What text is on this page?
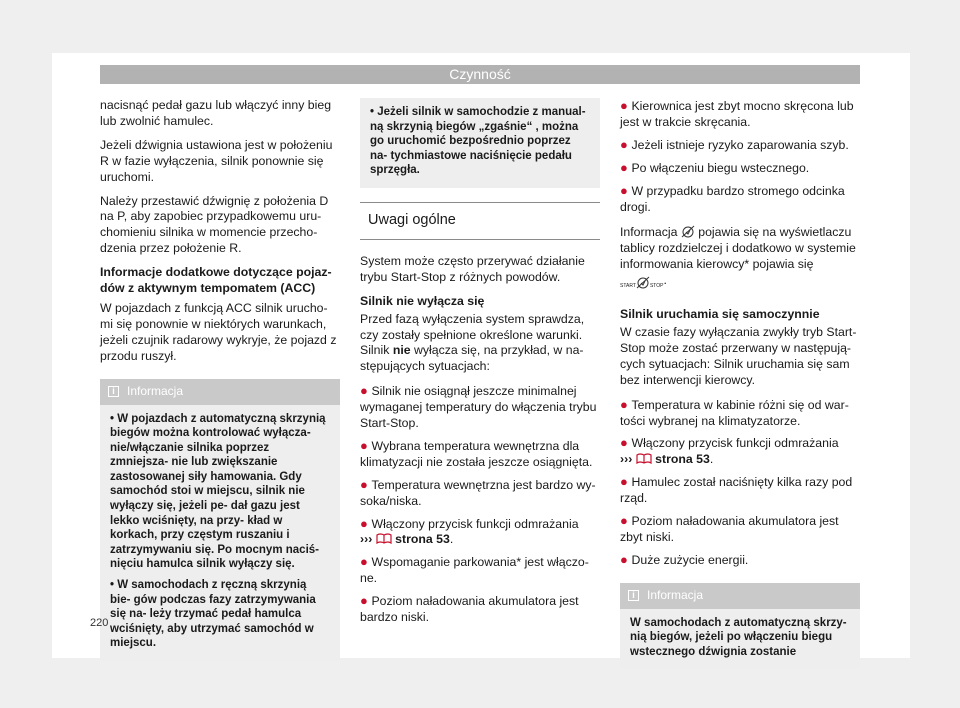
Czynność

nacisnąć pedał gazu lub włączyć inny bieg lub zwolnić hamulec.

Jeżeli dźwignia ustawiona jest w położeniu R w fazie wyłączenia, silnik ponownie się uruchomi.

Należy przestawić dźwignię z położenia D na P, aby zapobiec przypadkowemu uru- chomieniu silnika w momencie przecho- dzenia przez położenie R.

Informacje dodatkowe dotyczące pojaz- dów z aktywnym tempomatem (ACC)

W pojazdach z funkcją ACC silnik urucho- mi się ponownie w niektórych warunkach, jeżeli czujnik radarowy wykryje, że pojazd z przodu ruszył.

i	Informacja

• W pojazdach z automatyczną skrzynią biegów można kontrolować wyłącza- nie/włączanie silnika poprzez zmniejsza- nie lub zwiększanie zastosowanej siły hamowania. Gdy samochód stoi w miejscu, silnik nie wyłączy się, jeżeli pe- dał gazu jest lekko wciśnięty, na przy- kład w korkach, przy częstym ruszaniu i zatrzymywaniu się. Po mocnym naciś- nięciu hamulca silnik wyłączy się.

• W samochodach z ręczną skrzynią bie- gów podczas fazy zatrzymywania się na- leży trzymać pedał hamulca wciśnięty, aby utrzymać samochód w miejscu.

• Jeżeli silnik w samochodzie z manual- ną skrzynią biegów „zgaśnie“ , można go uruchomić bezpośrednio poprzez na- tychmiastowe naciśnięcie pedału sprzęgła.

Uwagi ogólne

System może często przerywać działanie trybu Start-Stop z różnych powodów.

Silnik nie wyłącza się

Przed fazą wyłączenia system sprawdza, czy zostały spełnione określone warunki. Silnik nie wyłącza się, na przykład, w na- stępujących sytuacjach:

● Silnik nie osiągnął jeszcze minimalnej wymaganej temperatury do włączenia trybu Start-Stop.
● Wybrana temperatura wewnętrzna dla klimatyzacji nie została jeszcze osiągnięta.
● Temperatura wewnętrzna jest bardzo wy- soka/niska.
● Włączony przycisk funkcji odmrażania
››› strona 53.
● Wspomaganie parkowania* jest włączo- ne.
● Poziom naładowania akumulatora jest bardzo niski.
● Kierownica jest zbyt mocno skręcona lub jest w trakcie skręcania.
● Jeżeli istnieje ryzyko zaparowania szyb.
● Po włączeniu biegu wstecznego.
● W przypadku bardzo stromego odcinka drogi.

Informacja  pojawia się na wyświetlaczu tablicy rozdzielczej i dodatkowo w systemie informowania kierowcy* pojawia się
START	STOP.

Silnik uruchamia się samoczynnie

W czasie fazy wyłączania zwykły tryb Start- Stop może zostać przerwany w następują- cych sytuacjach: Silnik uruchamia się sam bez interwencji kierowcy.

● Temperatura w kabinie różni się od war- tości wybranej na klimatyzatorze.
● Włączony przycisk funkcji odmrażania
››› strona 53.
● Hamulec został naciśnięty kilka razy pod rząd.
● Poziom naładowania akumulatora jest zbyt niski.
● Duże zużycie energii.
i	Informacja

W samochodach z automatyczną skrzy- nią biegów, jeżeli po włączeniu biegu wstecznego dźwignia zostanie

220
